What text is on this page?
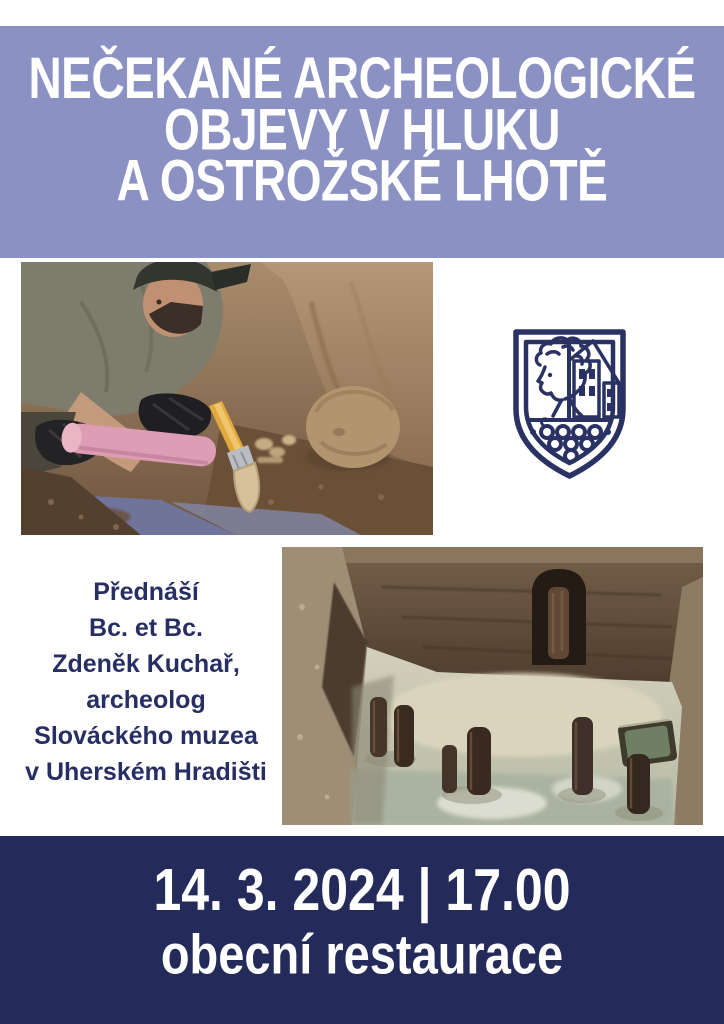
NEČEKANÉ ARCHEOLOGICKÉ
OBJEVY V HLUKU
A OSTROŽSKÉ LHOTĚ
Přednáší
Bc. et Bc.
Zdeněk Kuchař,
archeolog
Slováckého muzea
v Uherském Hradišti
14. 3. 2024 | 17.00
obecní restaurace
